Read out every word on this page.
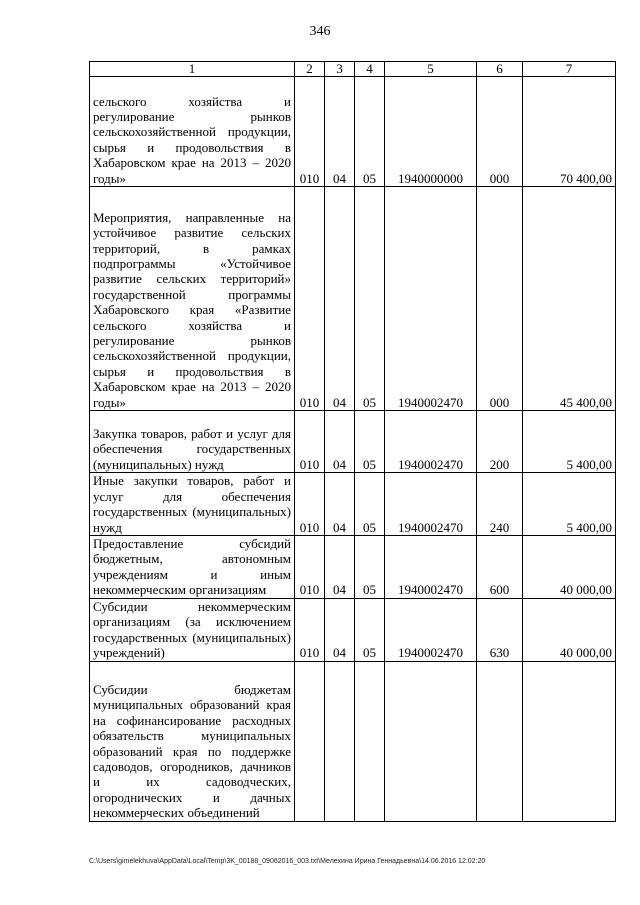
346
1	2	3	4	5	6	7
сельского хозяйства и регулирование рынков сельскохозяйственной продукции, сырья и продовольствия в Хабаровском крае на 2013 – 2020 годы»	010	04	05	1940000000	000	70 400,00
Мероприятия, направленные на устойчивое развитие сельских территорий, в рамках подпрограммы «Устойчивое развитие сельских территорий» государственной программы Хабаровского края «Развитие сельского хозяйства и регулирование рынков сельскохозяйственной продукции, сырья и продовольствия в Хабаровском крае на 2013 – 2020 годы»	010	04	05	1940002470	000	45 400,00
Закупка товаров, работ и услуг для обеспечения государственных (муниципальных) нужд	010	04	05	1940002470	200	5 400,00
Иные закупки товаров, работ и услуг для обеспечения государственных (муниципальных) нужд	010	04	05	1940002470	240	5 400,00
Предоставление субсидий бюджетным, автономным учреждениям и иным некоммерческим организациям	010	04	05	1940002470	600	40 000,00
Субсидии некоммерческим организациям (за исключением государственных (муниципальных) учреждений)	010	04	05	1940002470	630	40 000,00
Субсидии бюджетам муниципальных образований края на софинансирование расходных обязательств муниципальных образований края по поддержке садоводов, огородников, дачников и их садоводческих, огороднических и дачных некоммерческих объединений						
C:\Users\gimelekhuva\AppData\Local\Temp\3K_00188_09062016_003.txt\Мелехина Ирина Геннадьевна\14.06.2016 12:02:20
